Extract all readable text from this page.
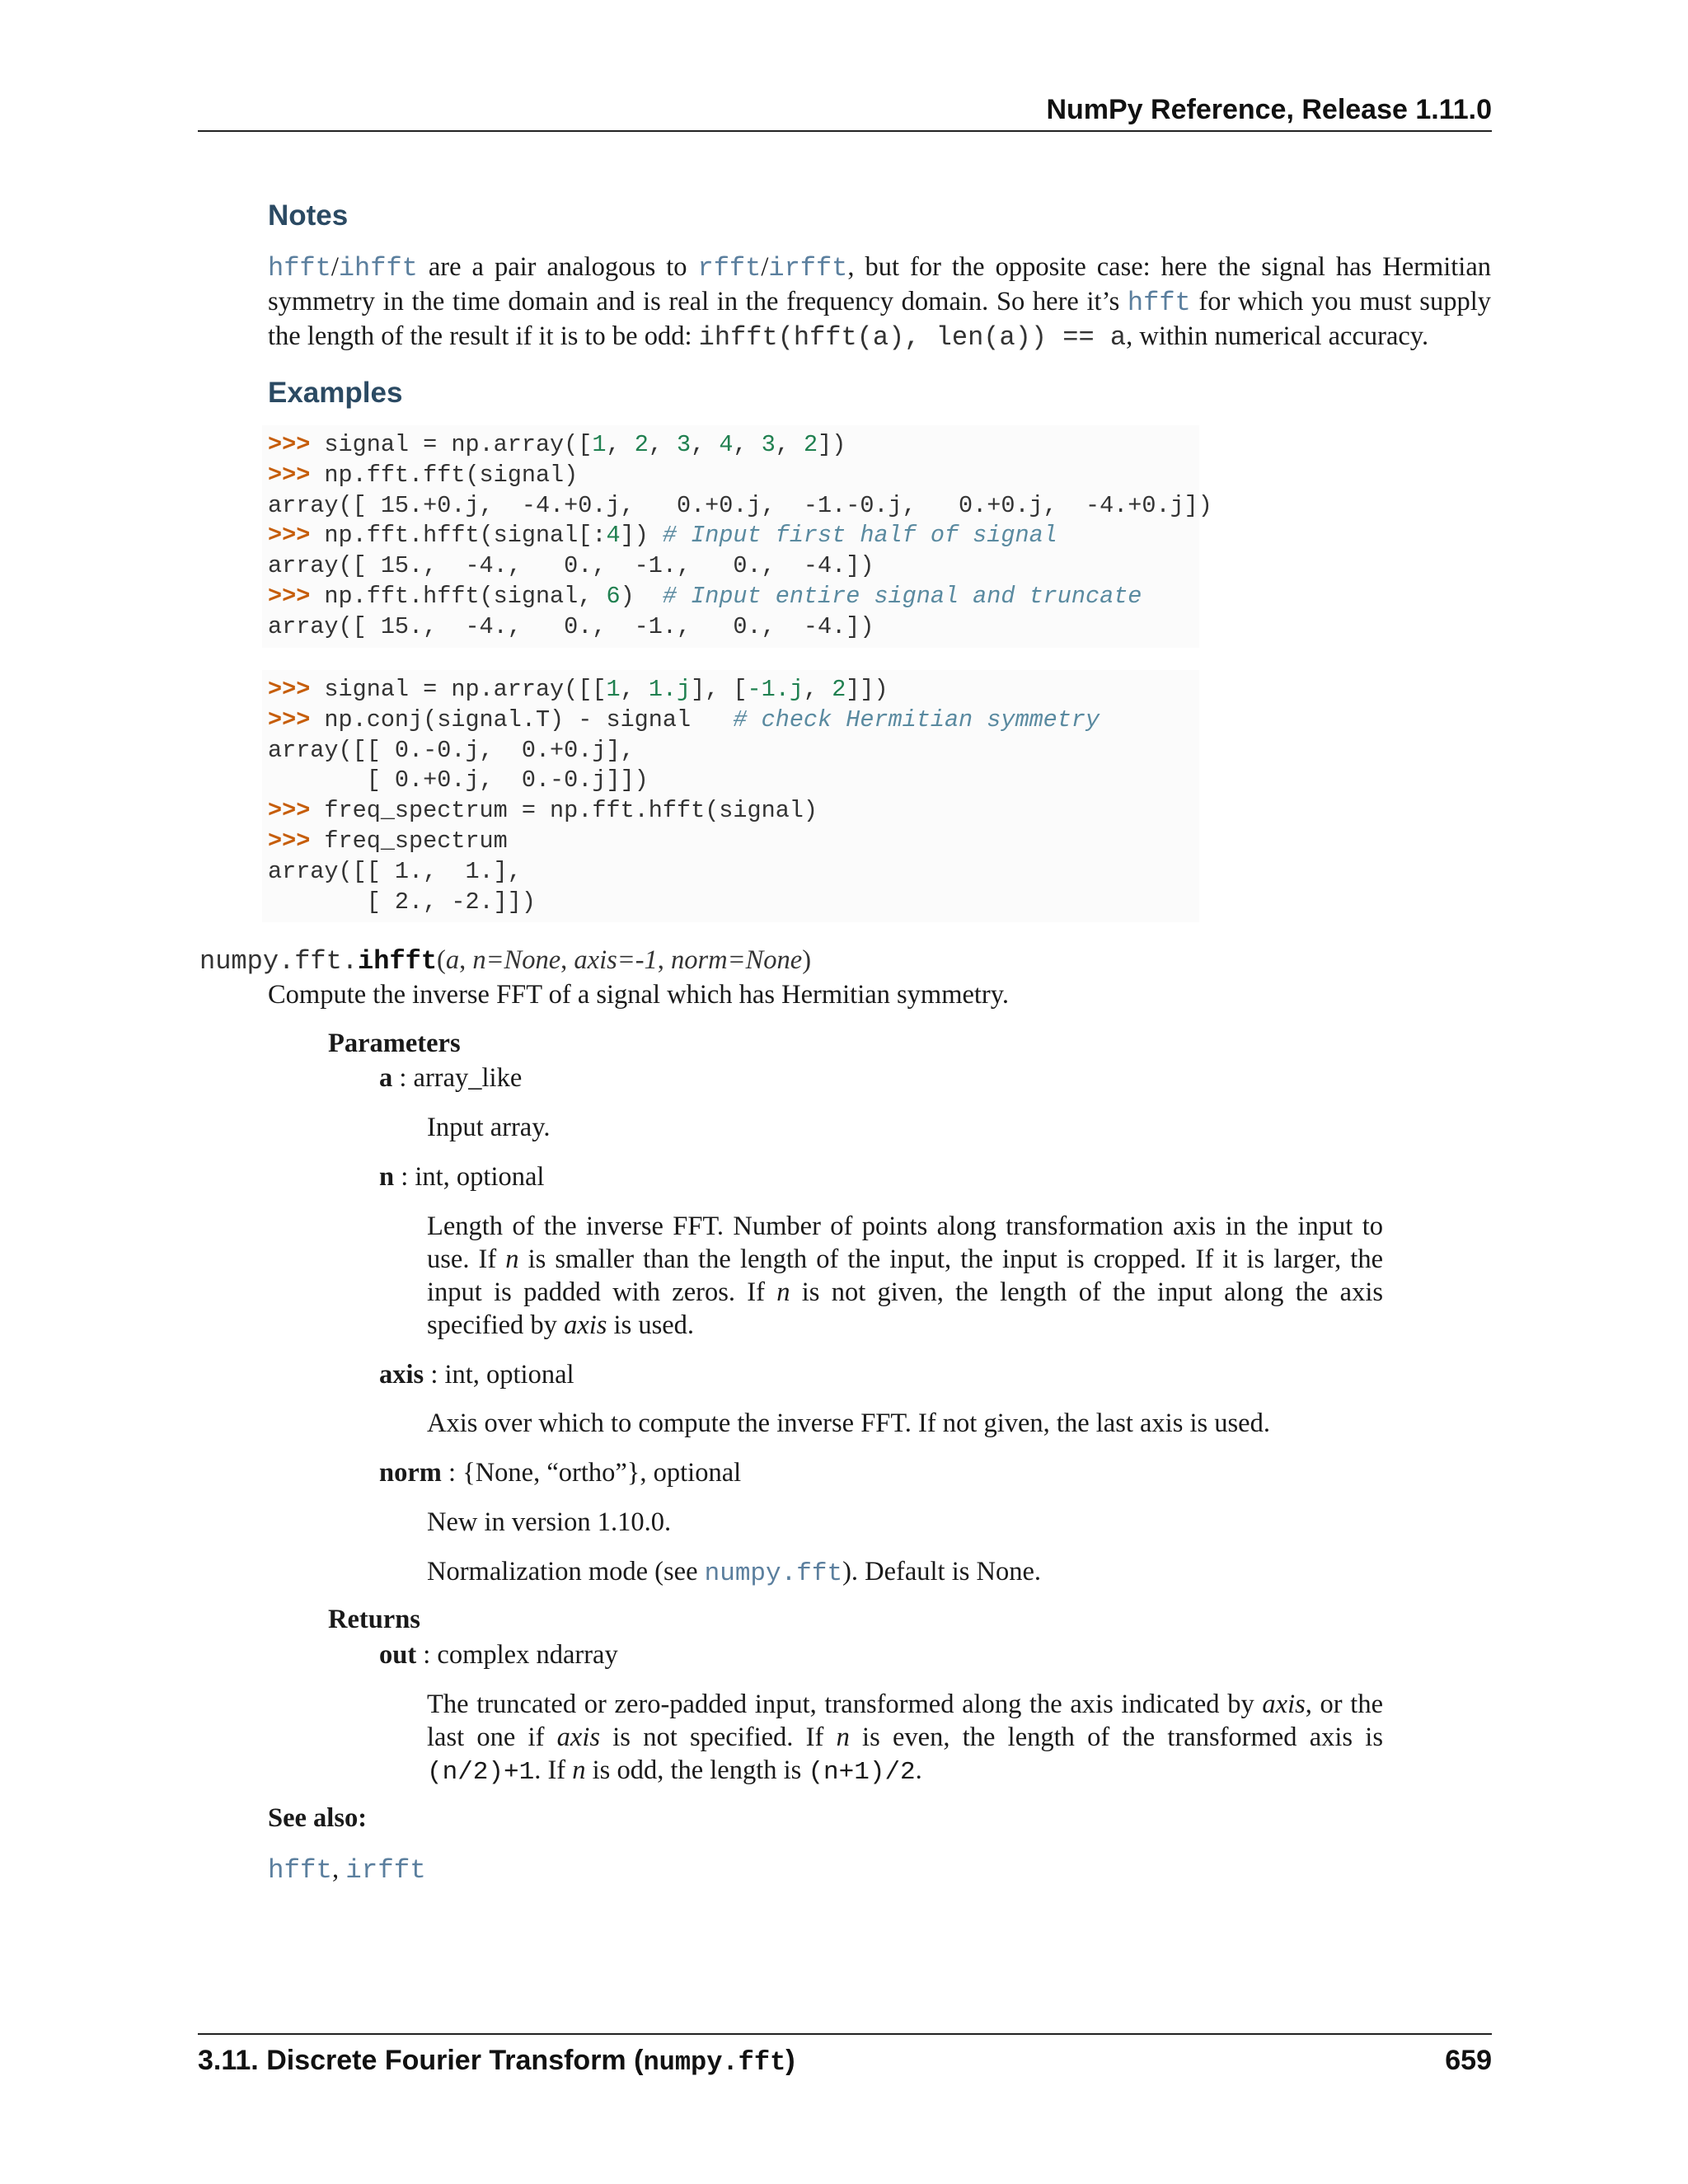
NumPy Reference, Release 1.11.0
Notes
hfft/ihfft are a pair analogous to rfft/irfft, but for the opposite case: here the signal has Hermitian symmetry in the time domain and is real in the frequency domain. So here it’s hfft for which you must supply the length of the result if it is to be odd: ihfft(hfft(a), len(a)) == a, within numerical accuracy.
Examples
>>> signal = np.array([1, 2, 3, 4, 3, 2])
>>> np.fft.fft(signal)
array([ 15.+0.j,  -4.+0.j,   0.+0.j,  -1.-0.j,   0.+0.j,  -4.+0.j])
>>> np.fft.hfft(signal[:4]) # Input first half of signal
array([ 15.,  -4.,   0.,  -1.,   0.,  -4.])
>>> np.fft.hfft(signal, 6)  # Input entire signal and truncate
array([ 15.,  -4.,   0.,  -1.,   0.,  -4.])
>>> signal = np.array([[1, 1.j], [-1.j, 2]])
>>> np.conj(signal.T) - signal   # check Hermitian symmetry
array([[ 0.-0.j,  0.+0.j],
[ 0.+0.j,  0.-0.j]])
>>> freq_spectrum = np.fft.hfft(signal)
>>> freq_spectrum
array([[ 1.,  1.],
[ 2., -2.]])
numpy.fft.ihfft(a, n=None, axis=-1, norm=None)
Compute the inverse FFT of a signal which has Hermitian symmetry.
Parameters
a : array_like
Input array.
n : int, optional
Length of the inverse FFT. Number of points along transformation axis in the input to use. If n is smaller than the length of the input, the input is cropped. If it is larger, the input is padded with zeros. If n is not given, the length of the input along the axis specified by axis is used.
axis : int, optional
Axis over which to compute the inverse FFT. If not given, the last axis is used.
norm : {None, “ortho”}, optional
New in version 1.10.0.
Normalization mode (see numpy.fft). Default is None.
Returns
out : complex ndarray
The truncated or zero-padded input, transformed along the axis indicated by axis, or the last one if axis is not specified. If n is even, the length of the transformed axis is (n/2)+1. If n is odd, the length is (n+1)/2.
See also:
hfft, irfft
3.11. Discrete Fourier Transform (numpy.fft)	659
